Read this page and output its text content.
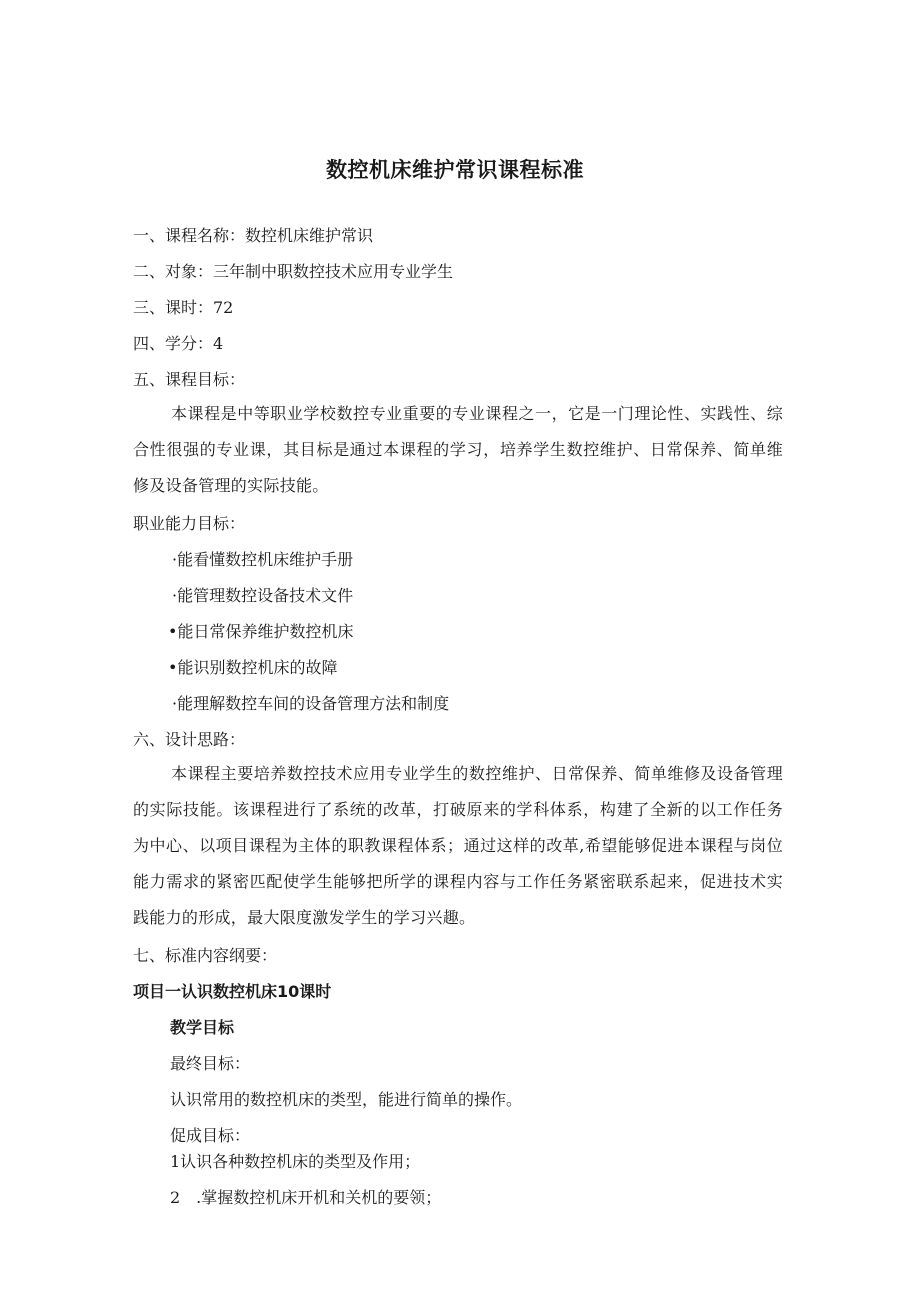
数控机床维护常识课程标准
一、课程名称：数控机床维护常识
二、对象：三年制中职数控技术应用专业学生
三、课时：72
四、学分：4
五、课程目标：
本课程是中等职业学校数控专业重要的专业课程之一，它是一门理论性、实践性、综合性很强的专业课，其目标是通过本课程的学习，培养学生数控维护、日常保养、简单维修及设备管理的实际技能。
职业能力目标：
·能看懂数控机床维护手册
·能管理数控设备技术文件
•能日常保养维护数控机床
•能识别数控机床的故障
·能理解数控车间的设备管理方法和制度
六、设计思路：
本课程主要培养数控技术应用专业学生的数控维护、日常保养、简单维修及设备管理的实际技能。该课程进行了系统的改革，打破原来的学科体系，构建了全新的以工作任务为中心、以项目课程为主体的职教课程体系；通过这样的改革,希望能够促进本课程与岗位能力需求的紧密匹配使学生能够把所学的课程内容与工作任务紧密联系起来，促进技术实践能力的形成，最大限度激发学生的学习兴趣。
七、标准内容纲要：
项目一认识数控机床10课时
教学目标
最终目标：
认识常用的数控机床的类型，能进行简单的操作。
促成目标：
1认识各种数控机床的类型及作用；
2　.掌握数控机床开机和关机的要领；
